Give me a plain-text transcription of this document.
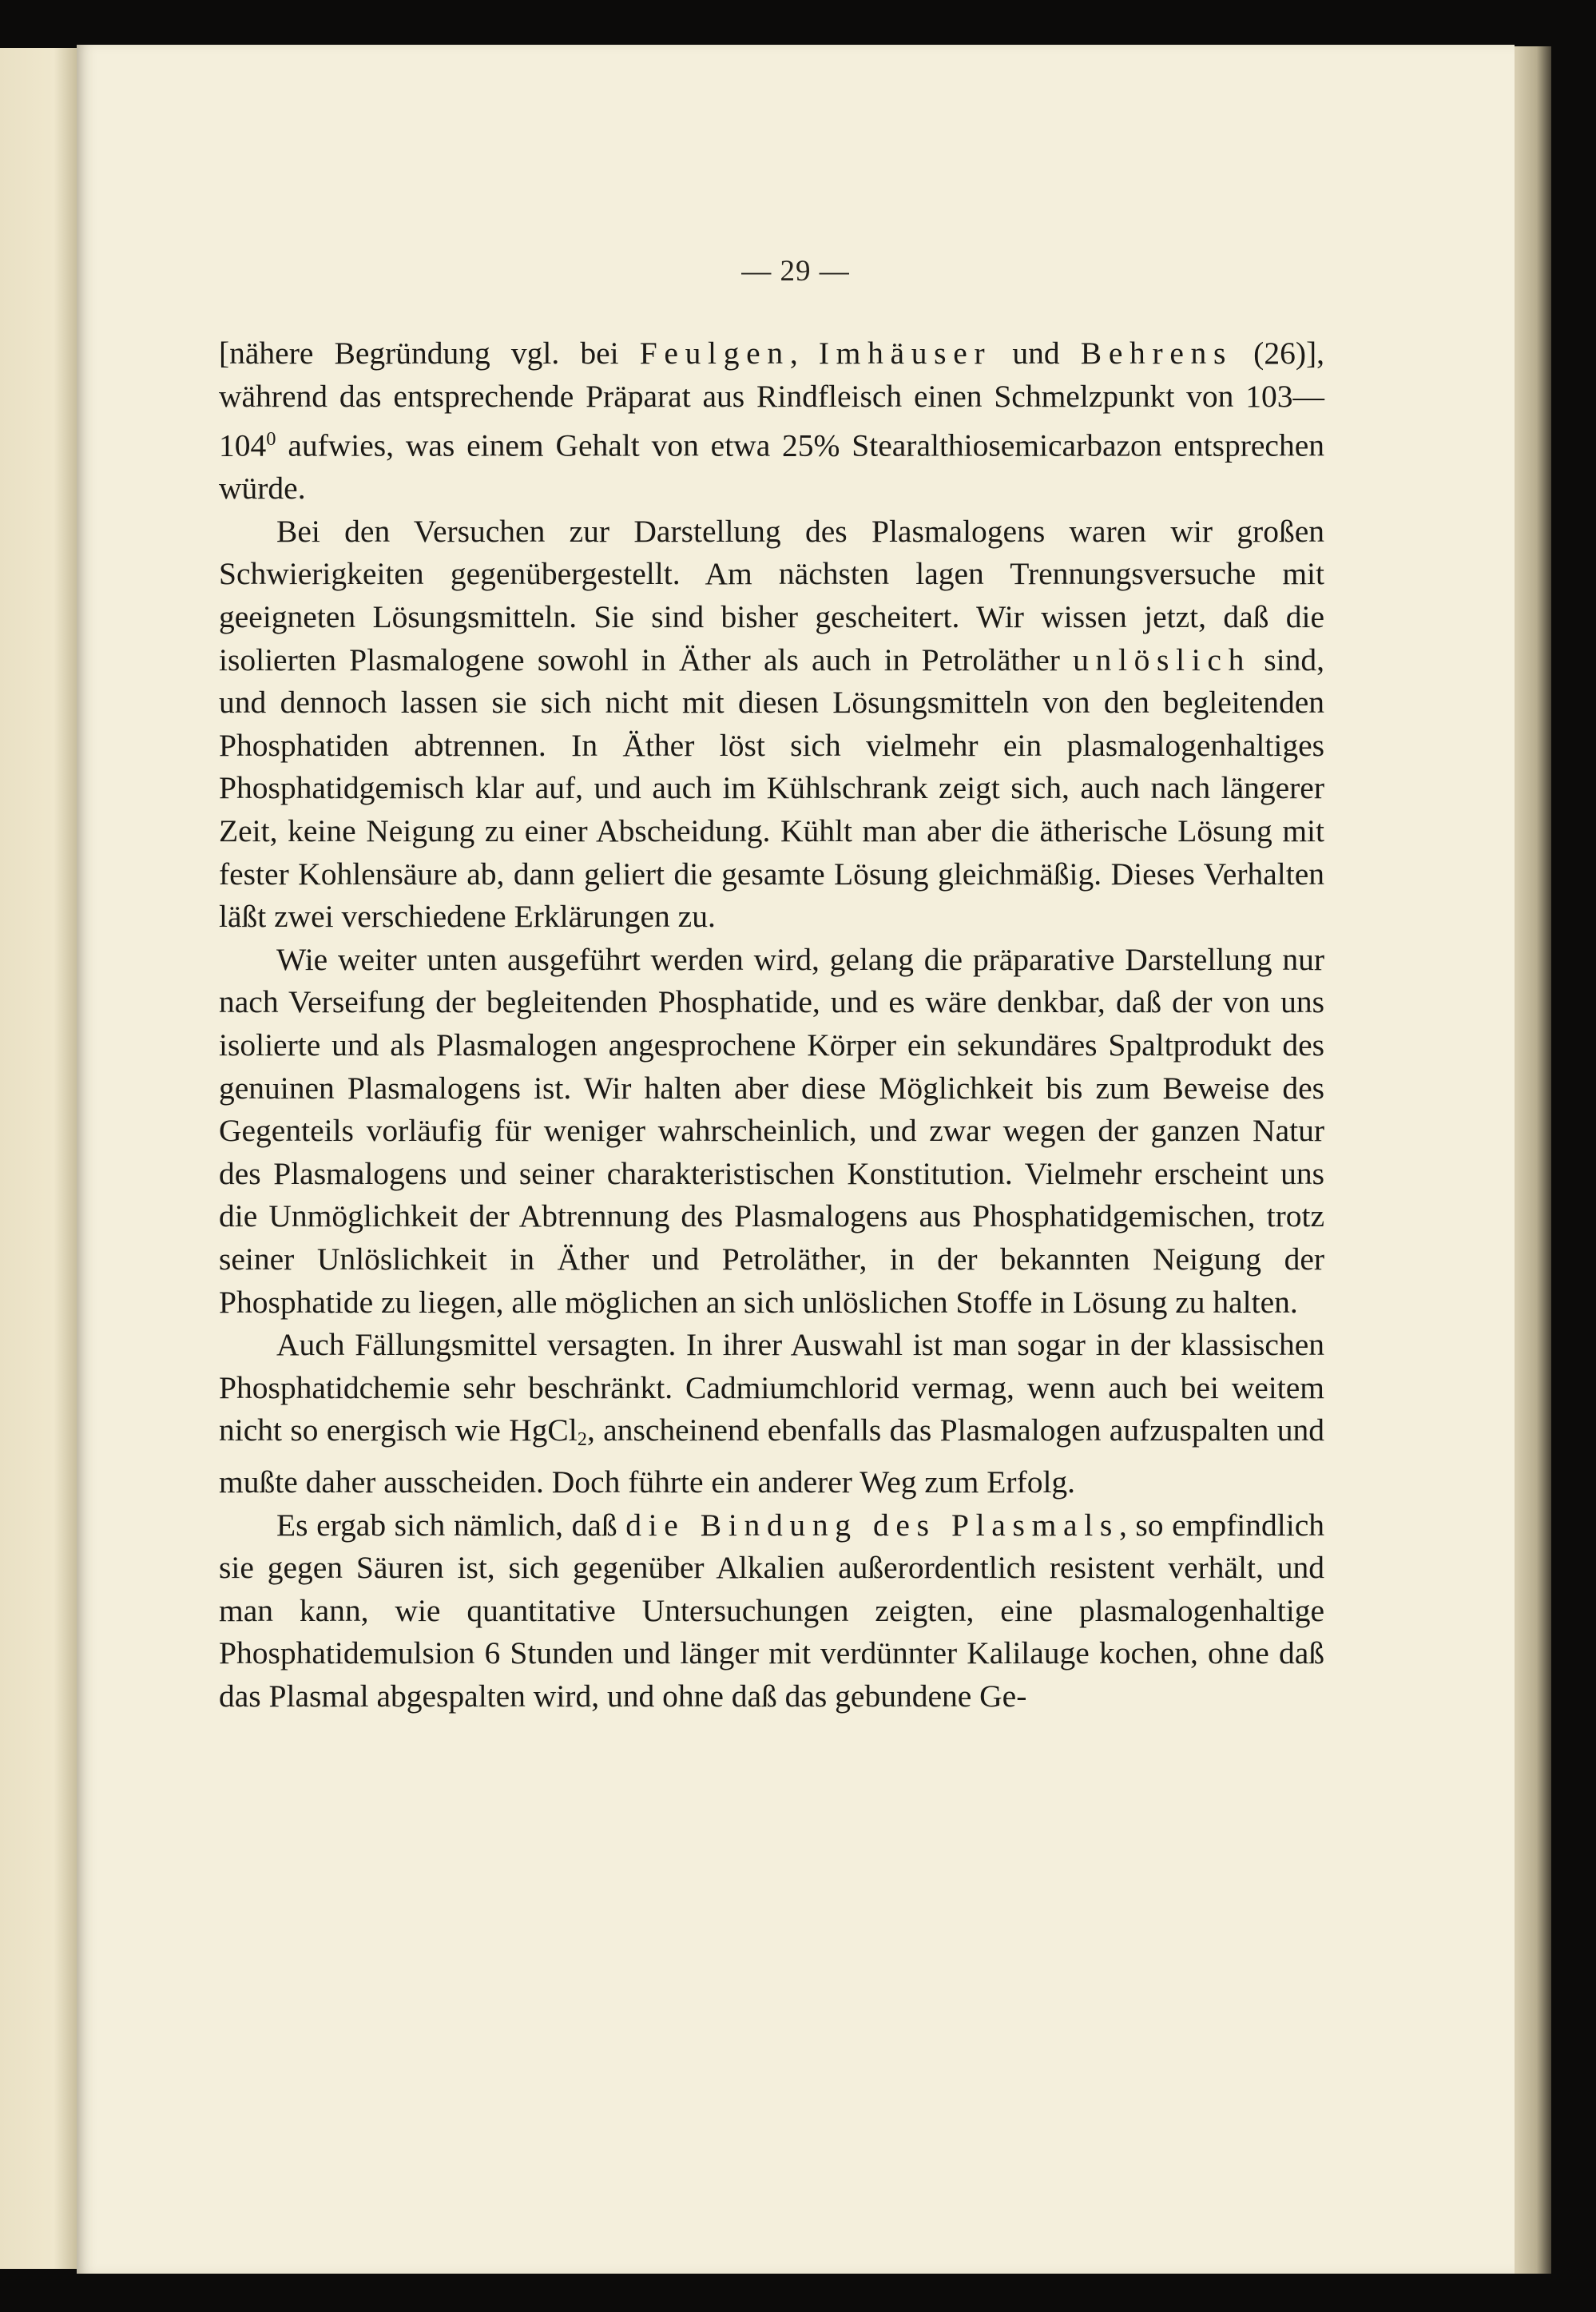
— 29 —

[nähere Begründung vgl. bei Feulgen, Imhäuser und Behrens (26)], während das entsprechende Präparat aus Rindfleisch einen Schmelzpunkt von $103—104^0$ aufwies, was einem Gehalt von etwa 25% Stearalthiosemicarbazon entsprechen würde.

Bei den Versuchen zur Darstellung des Plasmalogens waren wir großen Schwierigkeiten gegenübergestellt. Am nächsten lagen Trennungsversuche mit geeigneten Lösungsmitteln. Sie sind bisher gescheitert. Wir wissen jetzt, daß die isolierten Plasmalogene sowohl in Äther als auch in Petroläther unlöslich sind, und dennoch lassen sie sich nicht mit diesen Lösungsmitteln von den begleitenden Phosphatiden abtrennen. In Äther löst sich vielmehr ein plasmalogenhaltiges Phosphatidgemisch klar auf, und auch im Kühlschrank zeigt sich, auch nach längerer Zeit, keine Neigung zu einer Abscheidung. Kühlt man aber die ätherische Lösung mit fester Kohlensäure ab, dann geliert die gesamte Lösung gleichmäßig. Dieses Verhalten läßt zwei verschiedene Erklärungen zu.

Wie weiter unten ausgeführt werden wird, gelang die präparative Darstellung nur nach Verseifung der begleitenden Phosphatide, und es wäre denkbar, daß der von uns isolierte und als Plasmalogen angesprochene Körper ein sekundäres Spaltprodukt des genuinen Plasmalogens ist. Wir halten aber diese Möglichkeit bis zum Beweise des Gegenteils vorläufig für weniger wahrscheinlich, und zwar wegen der ganzen Natur des Plasmalogens und seiner charakteristischen Konstitution. Vielmehr erscheint uns die Unmöglichkeit der Abtrennung des Plasmalogens aus Phosphatidgemischen, trotz seiner Unlöslichkeit in Äther und Petroläther, in der bekannten Neigung der Phosphatide zu liegen, alle möglichen an sich unlöslichen Stoffe in Lösung zu halten.

Auch Fällungsmittel versagten. In ihrer Auswahl ist man sogar in der klassischen Phosphatidchemie sehr beschränkt. Cadmiumchlorid vermag, wenn auch bei weitem nicht so energisch wie HgCl$_2$, anscheinend ebenfalls das Plasmalogen aufzuspalten und mußte daher ausscheiden. Doch führte ein anderer Weg zum Erfolg.

Es ergab sich nämlich, daß die Bindung des Plasmals, so empfindlich sie gegen Säuren ist, sich gegenüber Alkalien außerordentlich resistent verhält, und man kann, wie quantitative Untersuchungen zeigten, eine plasmalogenhaltige Phosphatidemulsion 6 Stunden und länger mit verdünnter Kalilauge kochen, ohne daß das Plasmal abgespalten wird, und ohne daß das gebundene Ge-
